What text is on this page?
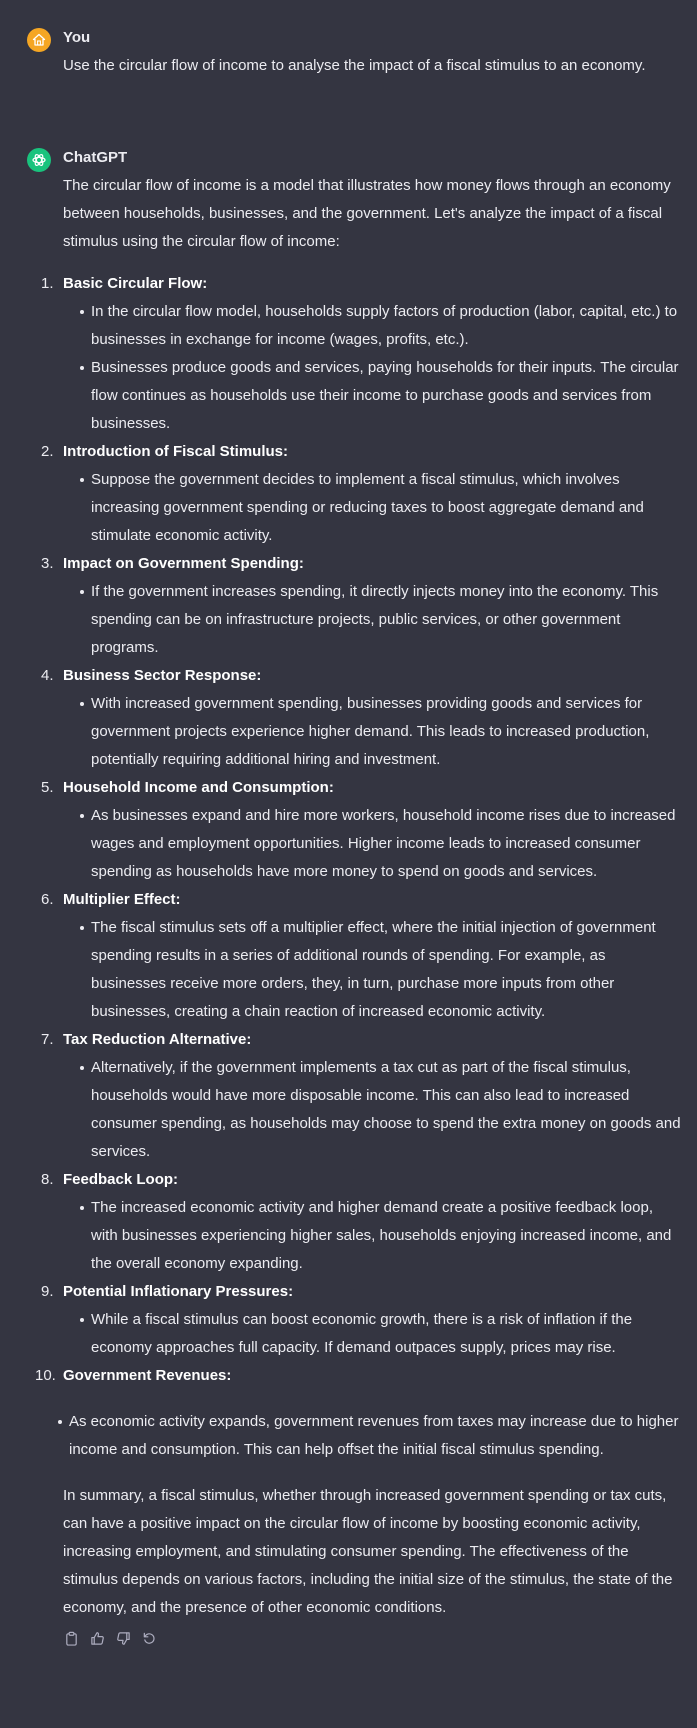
You

Use the circular flow of income to analyse the impact of a fiscal stimulus to an economy.

ChatGPT

The circular flow of income is a model that illustrates how money flows through an economy between households, businesses, and the government. Let's analyze the impact of a fiscal stimulus using the circular flow of income:

1. Basic Circular Flow:
In the circular flow model, households supply factors of production (labor, capital, etc.) to businesses in exchange for income (wages, profits, etc.).
Businesses produce goods and services, paying households for their inputs. The circular flow continues as households use their income to purchase goods and services from businesses.
2. Introduction of Fiscal Stimulus:
Suppose the government decides to implement a fiscal stimulus, which involves increasing government spending or reducing taxes to boost aggregate demand and stimulate economic activity.
3. Impact on Government Spending:
If the government increases spending, it directly injects money into the economy. This spending can be on infrastructure projects, public services, or other government programs.
4. Business Sector Response:
With increased government spending, businesses providing goods and services for government projects experience higher demand. This leads to increased production, potentially requiring additional hiring and investment.
5. Household Income and Consumption:
As businesses expand and hire more workers, household income rises due to increased wages and employment opportunities. Higher income leads to increased consumer spending as households have more money to spend on goods and services.
6. Multiplier Effect:
The fiscal stimulus sets off a multiplier effect, where the initial injection of government spending results in a series of additional rounds of spending. For example, as businesses receive more orders, they, in turn, purchase more inputs from other businesses, creating a chain reaction of increased economic activity.
7. Tax Reduction Alternative:
Alternatively, if the government implements a tax cut as part of the fiscal stimulus, households would have more disposable income. This can also lead to increased consumer spending, as households may choose to spend the extra money on goods and services.
8. Feedback Loop:
The increased economic activity and higher demand create a positive feedback loop, with businesses experiencing higher sales, households enjoying increased income, and the overall economy expanding.
9. Potential Inflationary Pressures:
While a fiscal stimulus can boost economic growth, there is a risk of inflation if the economy approaches full capacity. If demand outpaces supply, prices may rise.
10. Government Revenues:
As economic activity expands, government revenues from taxes may increase due to higher income and consumption. This can help offset the initial fiscal stimulus spending.

In summary, a fiscal stimulus, whether through increased government spending or tax cuts, can have a positive impact on the circular flow of income by boosting economic activity, increasing employment, and stimulating consumer spending. The effectiveness of the stimulus depends on various factors, including the initial size of the stimulus, the state of the economy, and the presence of other economic conditions.
